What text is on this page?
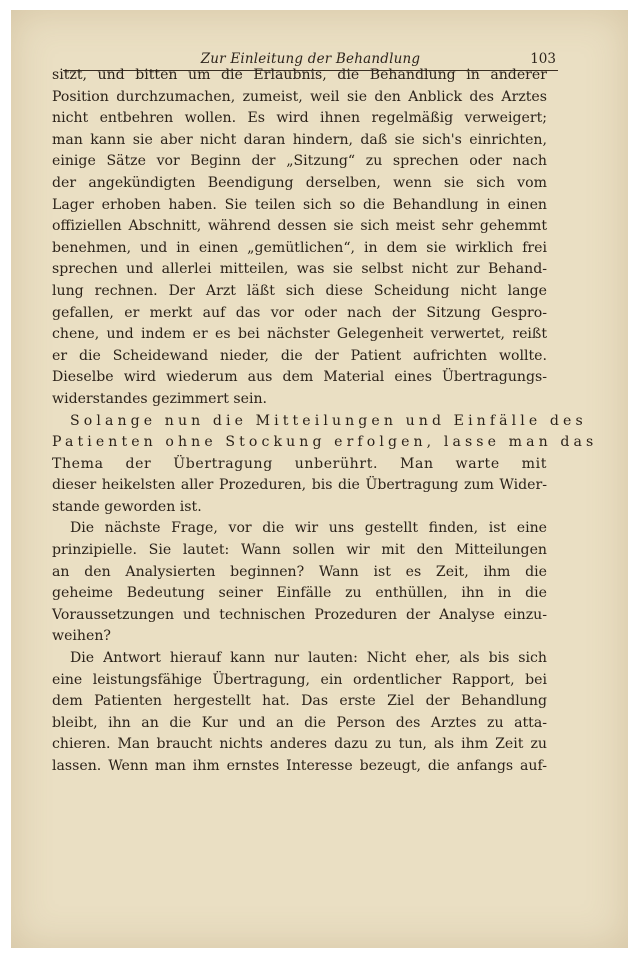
Zur Einleitung der Behandlung	103
sitzt, und bitten um die Erlaubnis, die Behandlung in anderer
Position durchzumachen, zumeist, weil sie den Anblick des Arztes
nicht entbehren wollen. Es wird ihnen regelmäßig verweigert;
man kann sie aber nicht daran hindern, daß sie sich's einrichten,
einige Sätze vor Beginn der „Sitzung“ zu sprechen oder nach
der angekündigten Beendigung derselben, wenn sie sich vom
Lager erhoben haben. Sie teilen sich so die Behandlung in einen
offiziellen Abschnitt, während dessen sie sich meist sehr gehemmt
benehmen, und in einen „gemütlichen“, in dem sie wirklich frei
sprechen und allerlei mitteilen, was sie selbst nicht zur Behand-
lung rechnen. Der Arzt läßt sich diese Scheidung nicht lange
gefallen, er merkt auf das vor oder nach der Sitzung Gespro-
chene, und indem er es bei nächster Gelegenheit verwertet, reißt
er die Scheidewand nieder, die der Patient aufrichten wollte.
Dieselbe wird wiederum aus dem Material eines Übertragungs-
widerstandes gezimmert sein.
Solange nun die Mitteilungen und Einfälle des
Patienten ohne Stockung erfolgen, lasse man das
Thema der Übertragung unberührt. Man warte mit
dieser heikelsten aller Prozeduren, bis die Übertragung zum Wider-
stande geworden ist.
Die nächste Frage, vor die wir uns gestellt finden, ist eine
prinzipielle. Sie lautet: Wann sollen wir mit den Mitteilungen
an den Analysierten beginnen? Wann ist es Zeit, ihm die
geheime Bedeutung seiner Einfälle zu enthüllen, ihn in die
Voraussetzungen und technischen Prozeduren der Analyse einzu-
weihen?
Die Antwort hierauf kann nur lauten: Nicht eher, als bis sich
eine leistungsfähige Übertragung, ein ordentlicher Rapport, bei
dem Patienten hergestellt hat. Das erste Ziel der Behandlung
bleibt, ihn an die Kur und an die Person des Arztes zu atta-
chieren. Man braucht nichts anderes dazu zu tun, als ihm Zeit zu
lassen. Wenn man ihm ernstes Interesse bezeugt, die anfangs auf-
